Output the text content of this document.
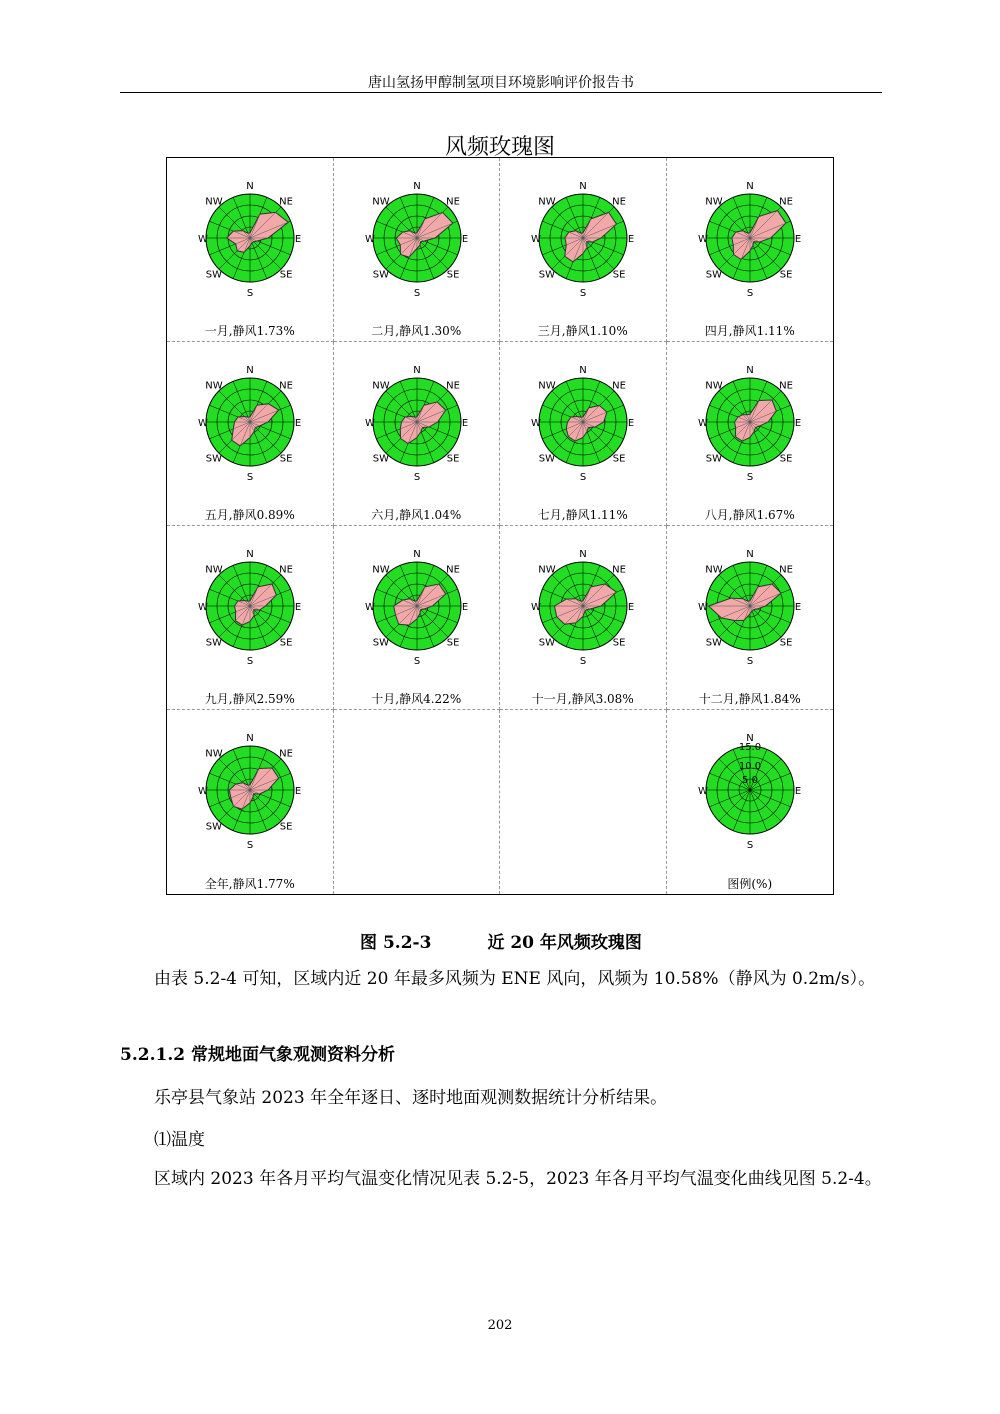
唐山氢扬甲醇制氢项目环境影响评价报告书
风频玫瑰图
N
S
E
W
NE
NW
SE
SW
一月,静风1.73%
N
S
E
W
NE
NW
SE
SW
二月,静风1.30%
N
S
E
W
NE
NW
SE
SW
三月,静风1.10%
N
S
E
W
NE
NW
SE
SW
四月,静风1.11%
N
S
E
W
NE
NW
SE
SW
五月,静风0.89%
N
S
E
W
NE
NW
SE
SW
六月,静风1.04%
N
S
E
W
NE
NW
SE
SW
七月,静风1.11%
N
S
E
W
NE
NW
SE
SW
八月,静风1.67%
N
S
E
W
NE
NW
SE
SW
九月,静风2.59%
N
S
E
W
NE
NW
SE
SW
十月,静风4.22%
N
S
E
W
NE
NW
SE
SW
十一月,静风3.08%
N
S
E
W
NE
NW
SE
SW
十二月,静风1.84%
N
S
E
W
NE
NW
SE
SW
全年,静风1.77%
N
S
E
W
15.0
10.0
5.0
图例(%)
图 5.2-3	近 20 年风频玫瑰图
由表 5.2-4 可知，区域内近 20 年最多风频为 ENE 风向，风频为 10.58%（静风为 0.2m/s）。
5.2.1.2 常规地面气象观测资料分析
乐亭县气象站 2023 年全年逐日、逐时地面观测数据统计分析结果。
⑴温度
区域内 2023 年各月平均气温变化情况见表 5.2-5，2023 年各月平均气温变化曲线见图 5.2-4。
202
